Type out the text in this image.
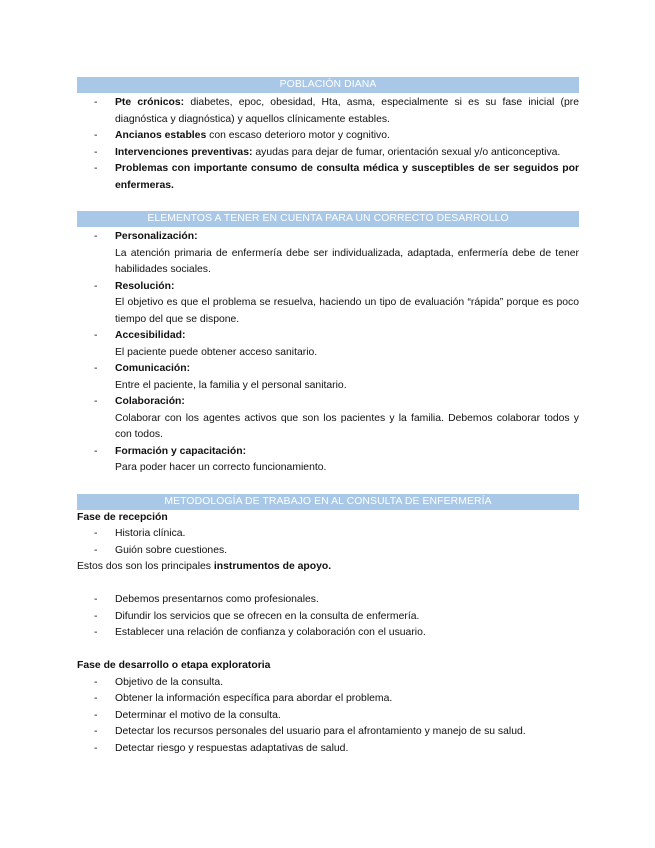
POBLACIÓN DIANA
- Pte crónicos: diabetes, epoc, obesidad, Hta, asma, especialmente si es su fase inicial (pre diagnóstica y diagnóstica) y aquellos clínicamente estables.
- Ancianos estables con escaso deterioro motor y cognitivo.
- Intervenciones preventivas: ayudas para dejar de fumar, orientación sexual y/o anticonceptiva.
- Problemas con importante consumo de consulta médica y susceptibles de ser seguidos por enfermeras.
ELEMENTOS A TENER EN CUENTA PARA UN CORRECTO DESARROLLO
- Personalización:
La atención primaria de enfermería debe ser individualizada, adaptada, enfermería debe de tener habilidades sociales.
- Resolución:
El objetivo es que el problema se resuelva, haciendo un tipo de evaluación “rápida” porque es poco tiempo del que se dispone.
- Accesibilidad:
El paciente puede obtener acceso sanitario.
- Comunicación:
Entre el paciente, la familia y el personal sanitario.
- Colaboración:
Colaborar con los agentes activos que son los pacientes y la familia. Debemos colaborar todos y con todos.
- Formación y capacitación:
Para poder hacer un correcto funcionamiento.
METODOLOGÍA DE TRABAJO EN AL CONSULTA DE ENFERMERÍA
Fase de recepción
- Historia clínica.
- Guión sobre cuestiones.
Estos dos son los principales instrumentos de apoyo.
- Debemos presentarnos como profesionales.
- Difundir los servicios que se ofrecen en la consulta de enfermería.
- Establecer una relación de confianza y colaboración con el usuario.
Fase de desarrollo o etapa exploratoria
- Objetivo de la consulta.
- Obtener la información específica para abordar el problema.
- Determinar el motivo de la consulta.
- Detectar los recursos personales del usuario para el afrontamiento y manejo de su salud.
- Detectar riesgo y respuestas adaptativas de salud.
